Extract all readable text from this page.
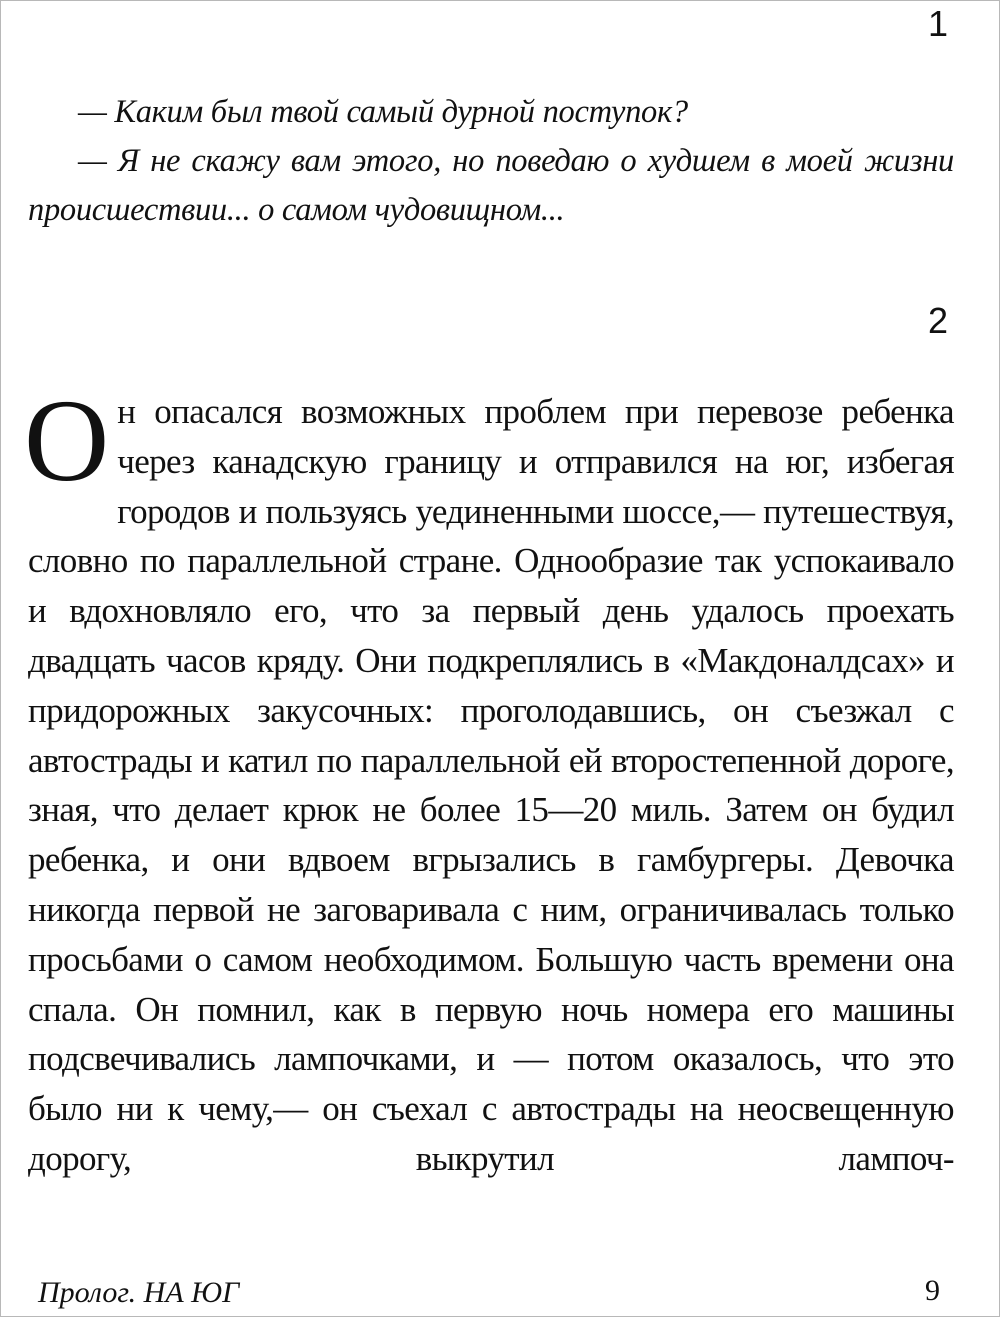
1

— Каким был твой самый дурной поступок?

— Я не скажу вам этого, но поведаю о худшем в моей жизни происшествии... о самом чудовищном...

2

Он опасался возможных проблем при перевозе ребенка через канадскую границу и отправился на юг, избегая городов и пользуясь уединенными шоссе,— путешествуя, словно по параллельной стране. Однообразие так успокаивало и вдохновляло его, что за первый день удалось проехать двадцать часов кряду. Они подкреплялись в «Макдоналдсах» и придорожных закусочных: проголодавшись, он съезжал с автострады и катил по параллельной ей второстепенной дороге, зная, что делает крюк не более 15—20 миль. Затем он будил ребенка, и они вдвоем вгрызались в гамбургеры. Девочка никогда первой не заговаривала с ним, ограничивалась только просьбами о самом необходимом. Большую часть времени она спала. Он помнил, как в первую ночь номера его машины подсвечивались лампочками, и — потом оказалось, что это было ни к чему,— он съехал с автострады на неосвещенную дорогу, выкрутил лампоч-

Пролог. НА ЮГ	9
